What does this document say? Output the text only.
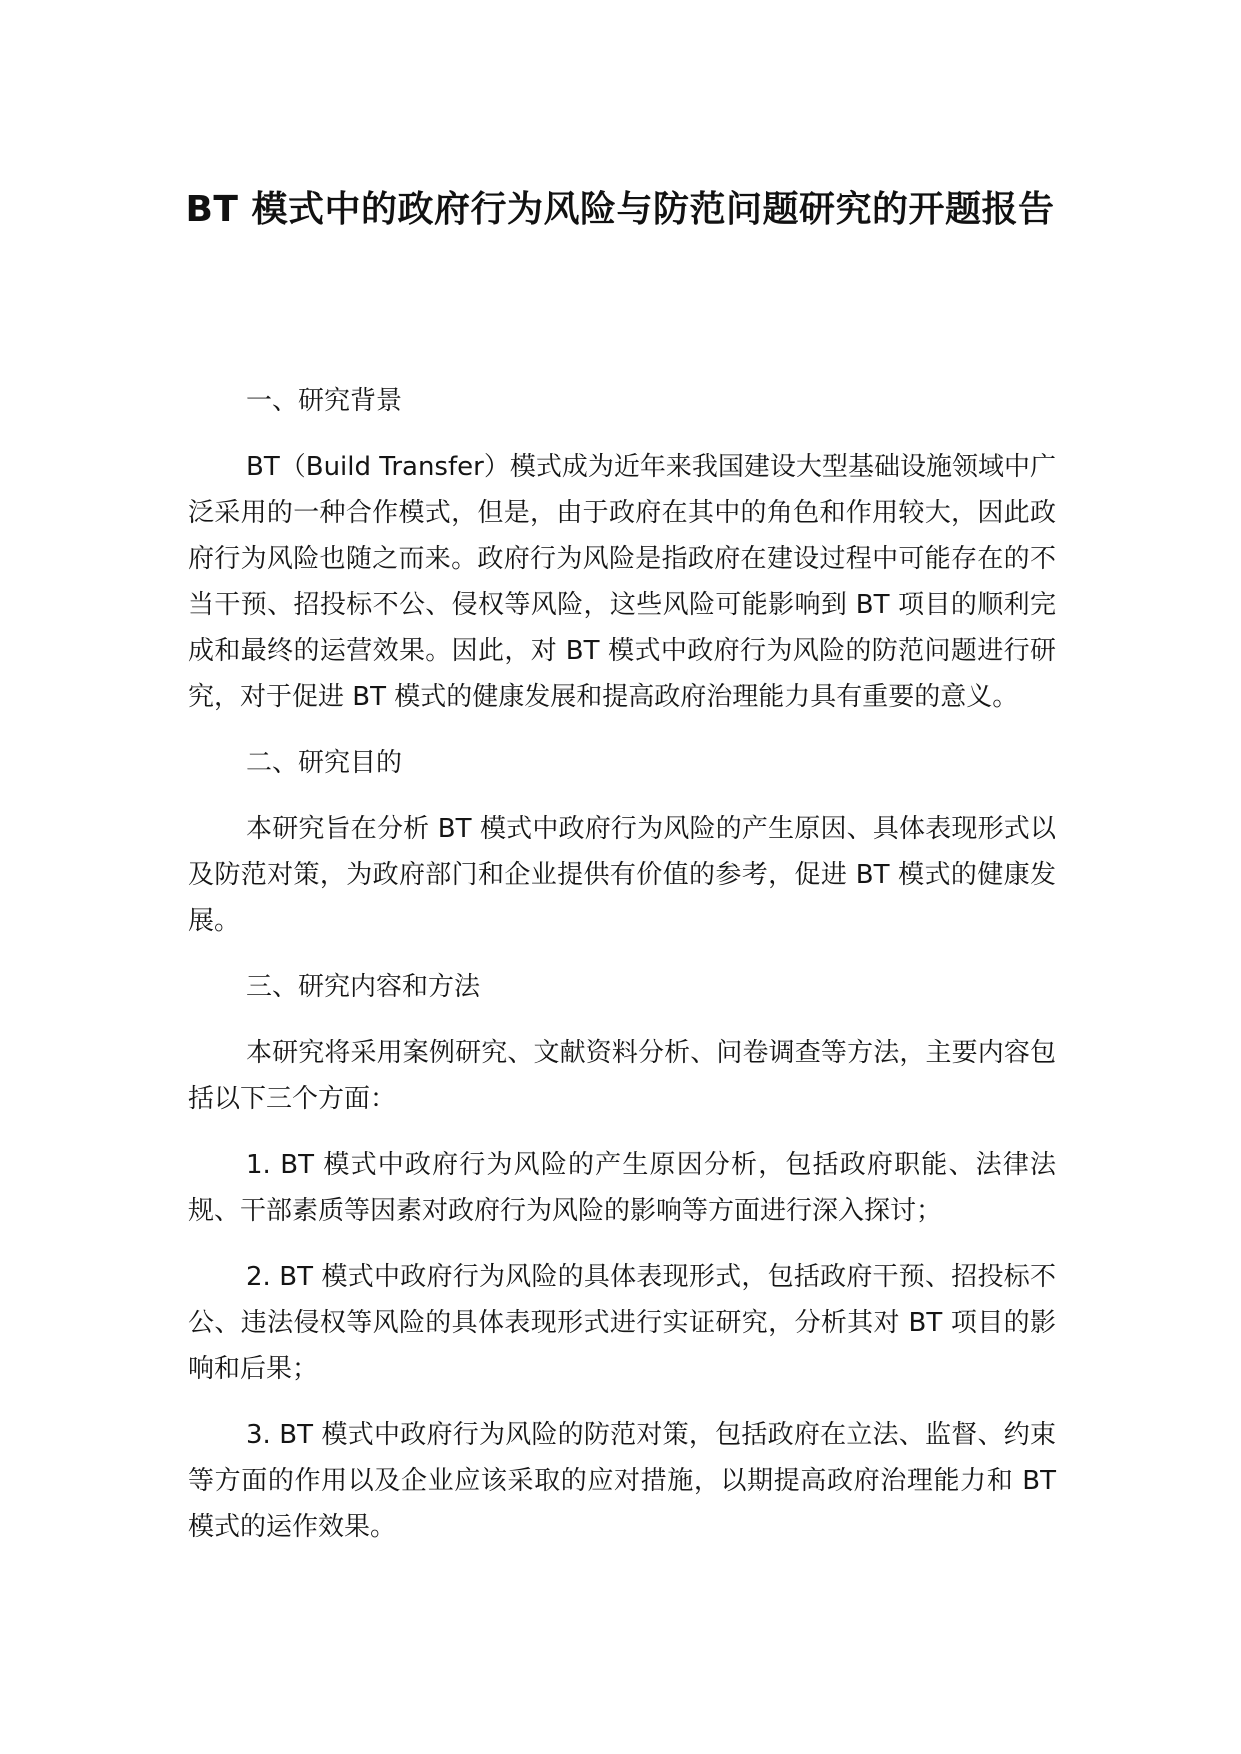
BT 模式中的政府行为风险与防范问题研究的开题报告

一、研究背景

BT（Build Transfer）模式成为近年来我国建设大型基础设施领域中广泛采用的一种合作模式，但是，由于政府在其中的角色和作用较大，因此政府行为风险也随之而来。政府行为风险是指政府在建设过程中可能存在的不当干预、招投标不公、侵权等风险，这些风险可能影响到 BT 项目的顺利完成和最终的运营效果。因此，对 BT 模式中政府行为风险的防范问题进行研究，对于促进 BT 模式的健康发展和提高政府治理能力具有重要的意义。

二、研究目的

本研究旨在分析 BT 模式中政府行为风险的产生原因、具体表现形式以及防范对策，为政府部门和企业提供有价值的参考，促进 BT 模式的健康发展。

三、研究内容和方法

本研究将采用案例研究、文献资料分析、问卷调查等方法，主要内容包括以下三个方面：

1. BT 模式中政府行为风险的产生原因分析，包括政府职能、法律法规、干部素质等因素对政府行为风险的影响等方面进行深入探讨；

2. BT 模式中政府行为风险的具体表现形式，包括政府干预、招投标不公、违法侵权等风险的具体表现形式进行实证研究，分析其对 BT 项目的影响和后果；

3. BT 模式中政府行为风险的防范对策，包括政府在立法、监督、约束等方面的作用以及企业应该采取的应对措施，以期提高政府治理能力和 BT 模式的运作效果。
